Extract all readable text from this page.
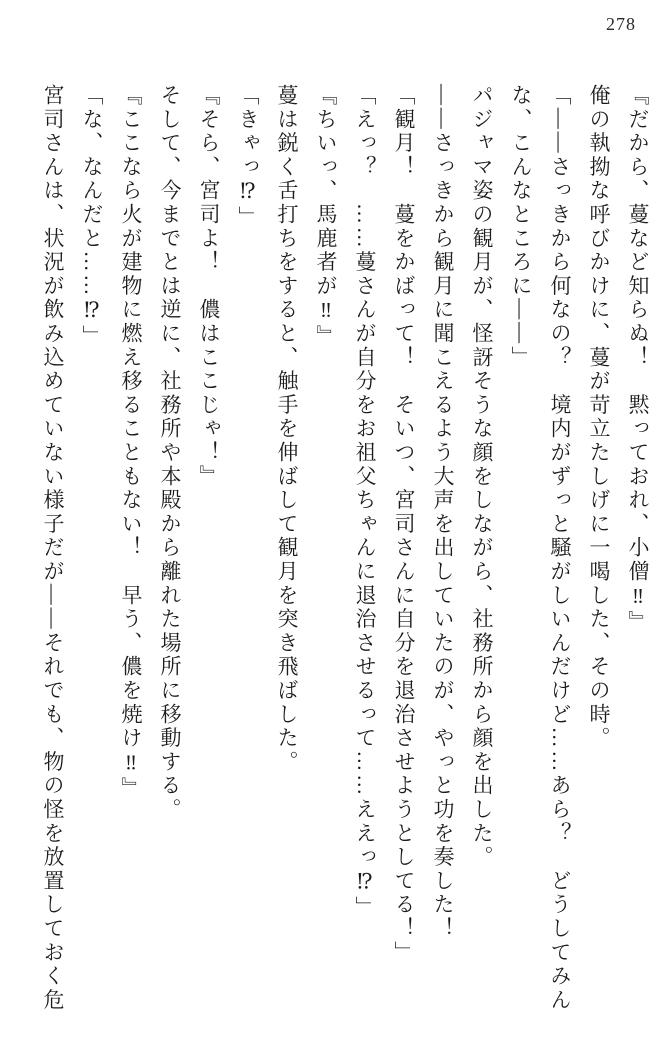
278

『だから、蔓など知らぬ！　黙っておれ、小僧‼』

俺の執拗な呼びかけに、蔓が苛立たしげに一喝した、その時。

「――さっきから何なの？　境内がずっと騒がしいんだけど……あら？　どうしてみんな、こんなところに――」

パジャマ姿の観月が、怪訝そうな顔をしながら、社務所から顔を出した。

――さっきから観月に聞こえるよう大声を出していたのが、やっと功を奏した！

「観月！　蔓をかばって！　そいつ、宮司さんに自分を退治させようとしてる！」

「えっ？　……蔓さんが自分をお祖父ちゃんに退治させるって……ええっ⁉」

『ちいっ、馬鹿者が‼』

蔓は鋭く舌打ちをすると、触手を伸ばして観月を突き飛ばした。

「きゃっ⁉」

『そら、宮司よ！　儂はここじゃ！』

そして、今までとは逆に、社務所や本殿から離れた場所に移動する。

『ここなら火が建物に燃え移ることもない！　早う、儂を焼け‼』

「な、なんだと……⁉」

宮司さんは、状況が飲み込めていない様子だが――それでも、物の怪を放置しておく危
